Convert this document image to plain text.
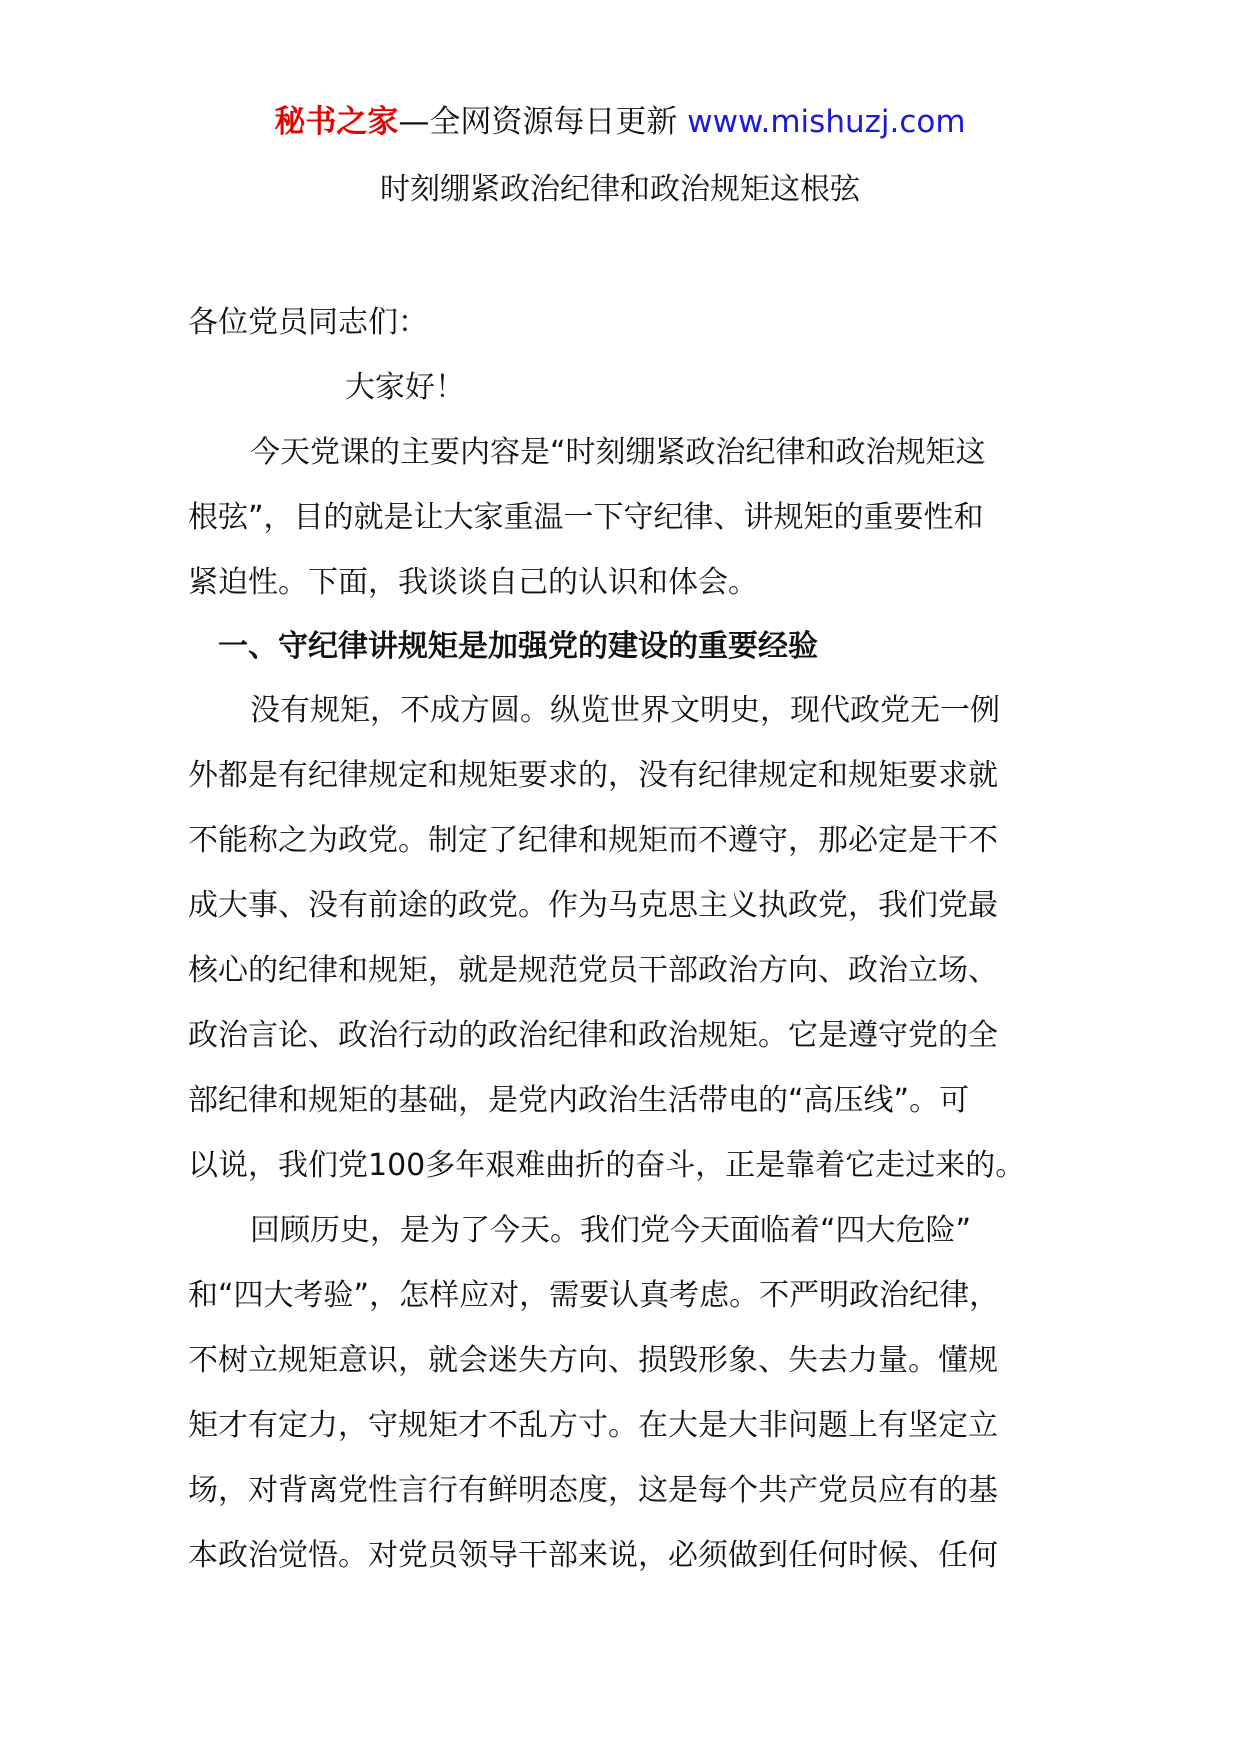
秘书之家—全网资源每日更新 www.mishuzj.com
时刻绷紧政治纪律和政治规矩这根弦
各位党员同志们：
大家好！
今天党课的主要内容是“时刻绷紧政治纪律和政治规矩这
根弦”，目的就是让大家重温一下守纪律、讲规矩的重要性和
紧迫性。下面，我谈谈自己的认识和体会。
一、守纪律讲规矩是加强党的建设的重要经验
没有规矩，不成方圆。纵览世界文明史，现代政党无一例
外都是有纪律规定和规矩要求的，没有纪律规定和规矩要求就
不能称之为政党。制定了纪律和规矩而不遵守，那必定是干不
成大事、没有前途的政党。作为马克思主义执政党，我们党最
核心的纪律和规矩，就是规范党员干部政治方向、政治立场、
政治言论、政治行动的政治纪律和政治规矩。它是遵守党的全
部纪律和规矩的基础，是党内政治生活带电的“高压线”。可
以说，我们党100多年艰难曲折的奋斗，正是靠着它走过来的。
回顾历史，是为了今天。我们党今天面临着“四大危险”
和“四大考验”，怎样应对，需要认真考虑。不严明政治纪律，
不树立规矩意识，就会迷失方向、损毁形象、失去力量。懂规
矩才有定力，守规矩才不乱方寸。在大是大非问题上有坚定立
场，对背离党性言行有鲜明态度，这是每个共产党员应有的基
本政治觉悟。对党员领导干部来说，必须做到任何时候、任何
